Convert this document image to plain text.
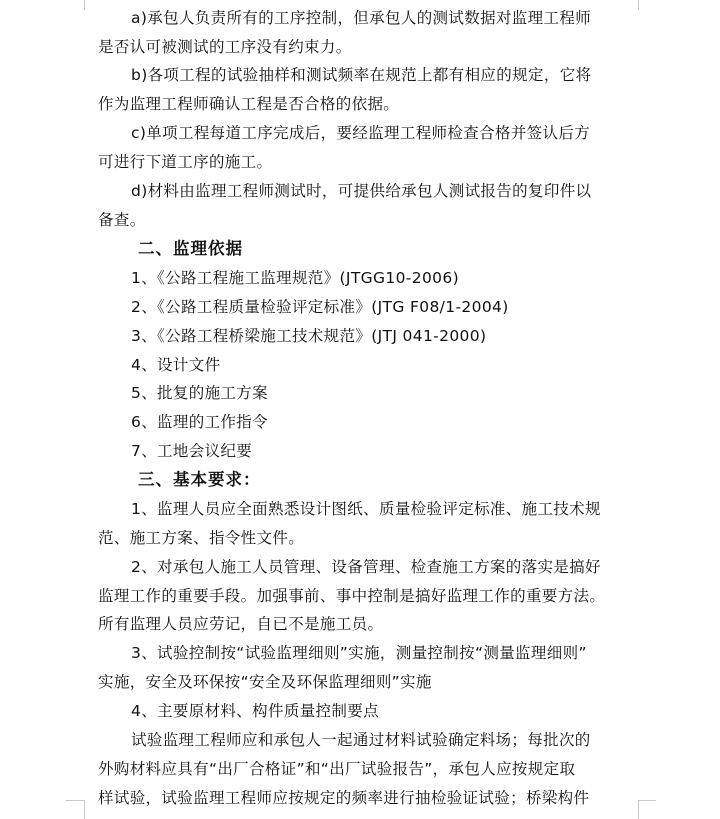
a)承包人负责所有的工序控制，但承包人的测试数据对监理工程师
是否认可被测试的工序没有约束力。
b)各项工程的试验抽样和测试频率在规范上都有相应的规定，它将
作为监理工程师确认工程是否合格的依据。
c)单项工程每道工序完成后，要经监理工程师检查合格并签认后方
可进行下道工序的施工。
d)材料由监理工程师测试时，可提供给承包人测试报告的复印件以
备查。
二、监理依据
1、《公路工程施工监理规范》(JTGG10-2006)
2、《公路工程质量检验评定标准》(JTG F08/1-2004)
3、《公路工程桥梁施工技术规范》(JTJ 041-2000)
4、设计文件
5、批复的施工方案
6、监理的工作指令
7、工地会议纪要
三、基本要求：
1、监理人员应全面熟悉设计图纸、质量检验评定标准、施工技术规
范、施工方案、指令性文件。
2、对承包人施工人员管理、设备管理、检查施工方案的落实是搞好
监理工作的重要手段。加强事前、事中控制是搞好监理工作的重要方法。
所有监理人员应劳记，自已不是施工员。
3、试验控制按“试验监理细则”实施，测量控制按“测量监理细则”
实施，安全及环保按“安全及环保监理细则”实施
4、主要原材料、构件质量控制要点
试验监理工程师应和承包人一起通过材料试验确定料场；每批次的
外购材料应具有“出厂合格证”和“出厂试验报告”，承包人应按规定取
样试验，试验监理工程师应按规定的频率进行抽检验证试验；桥梁构件
